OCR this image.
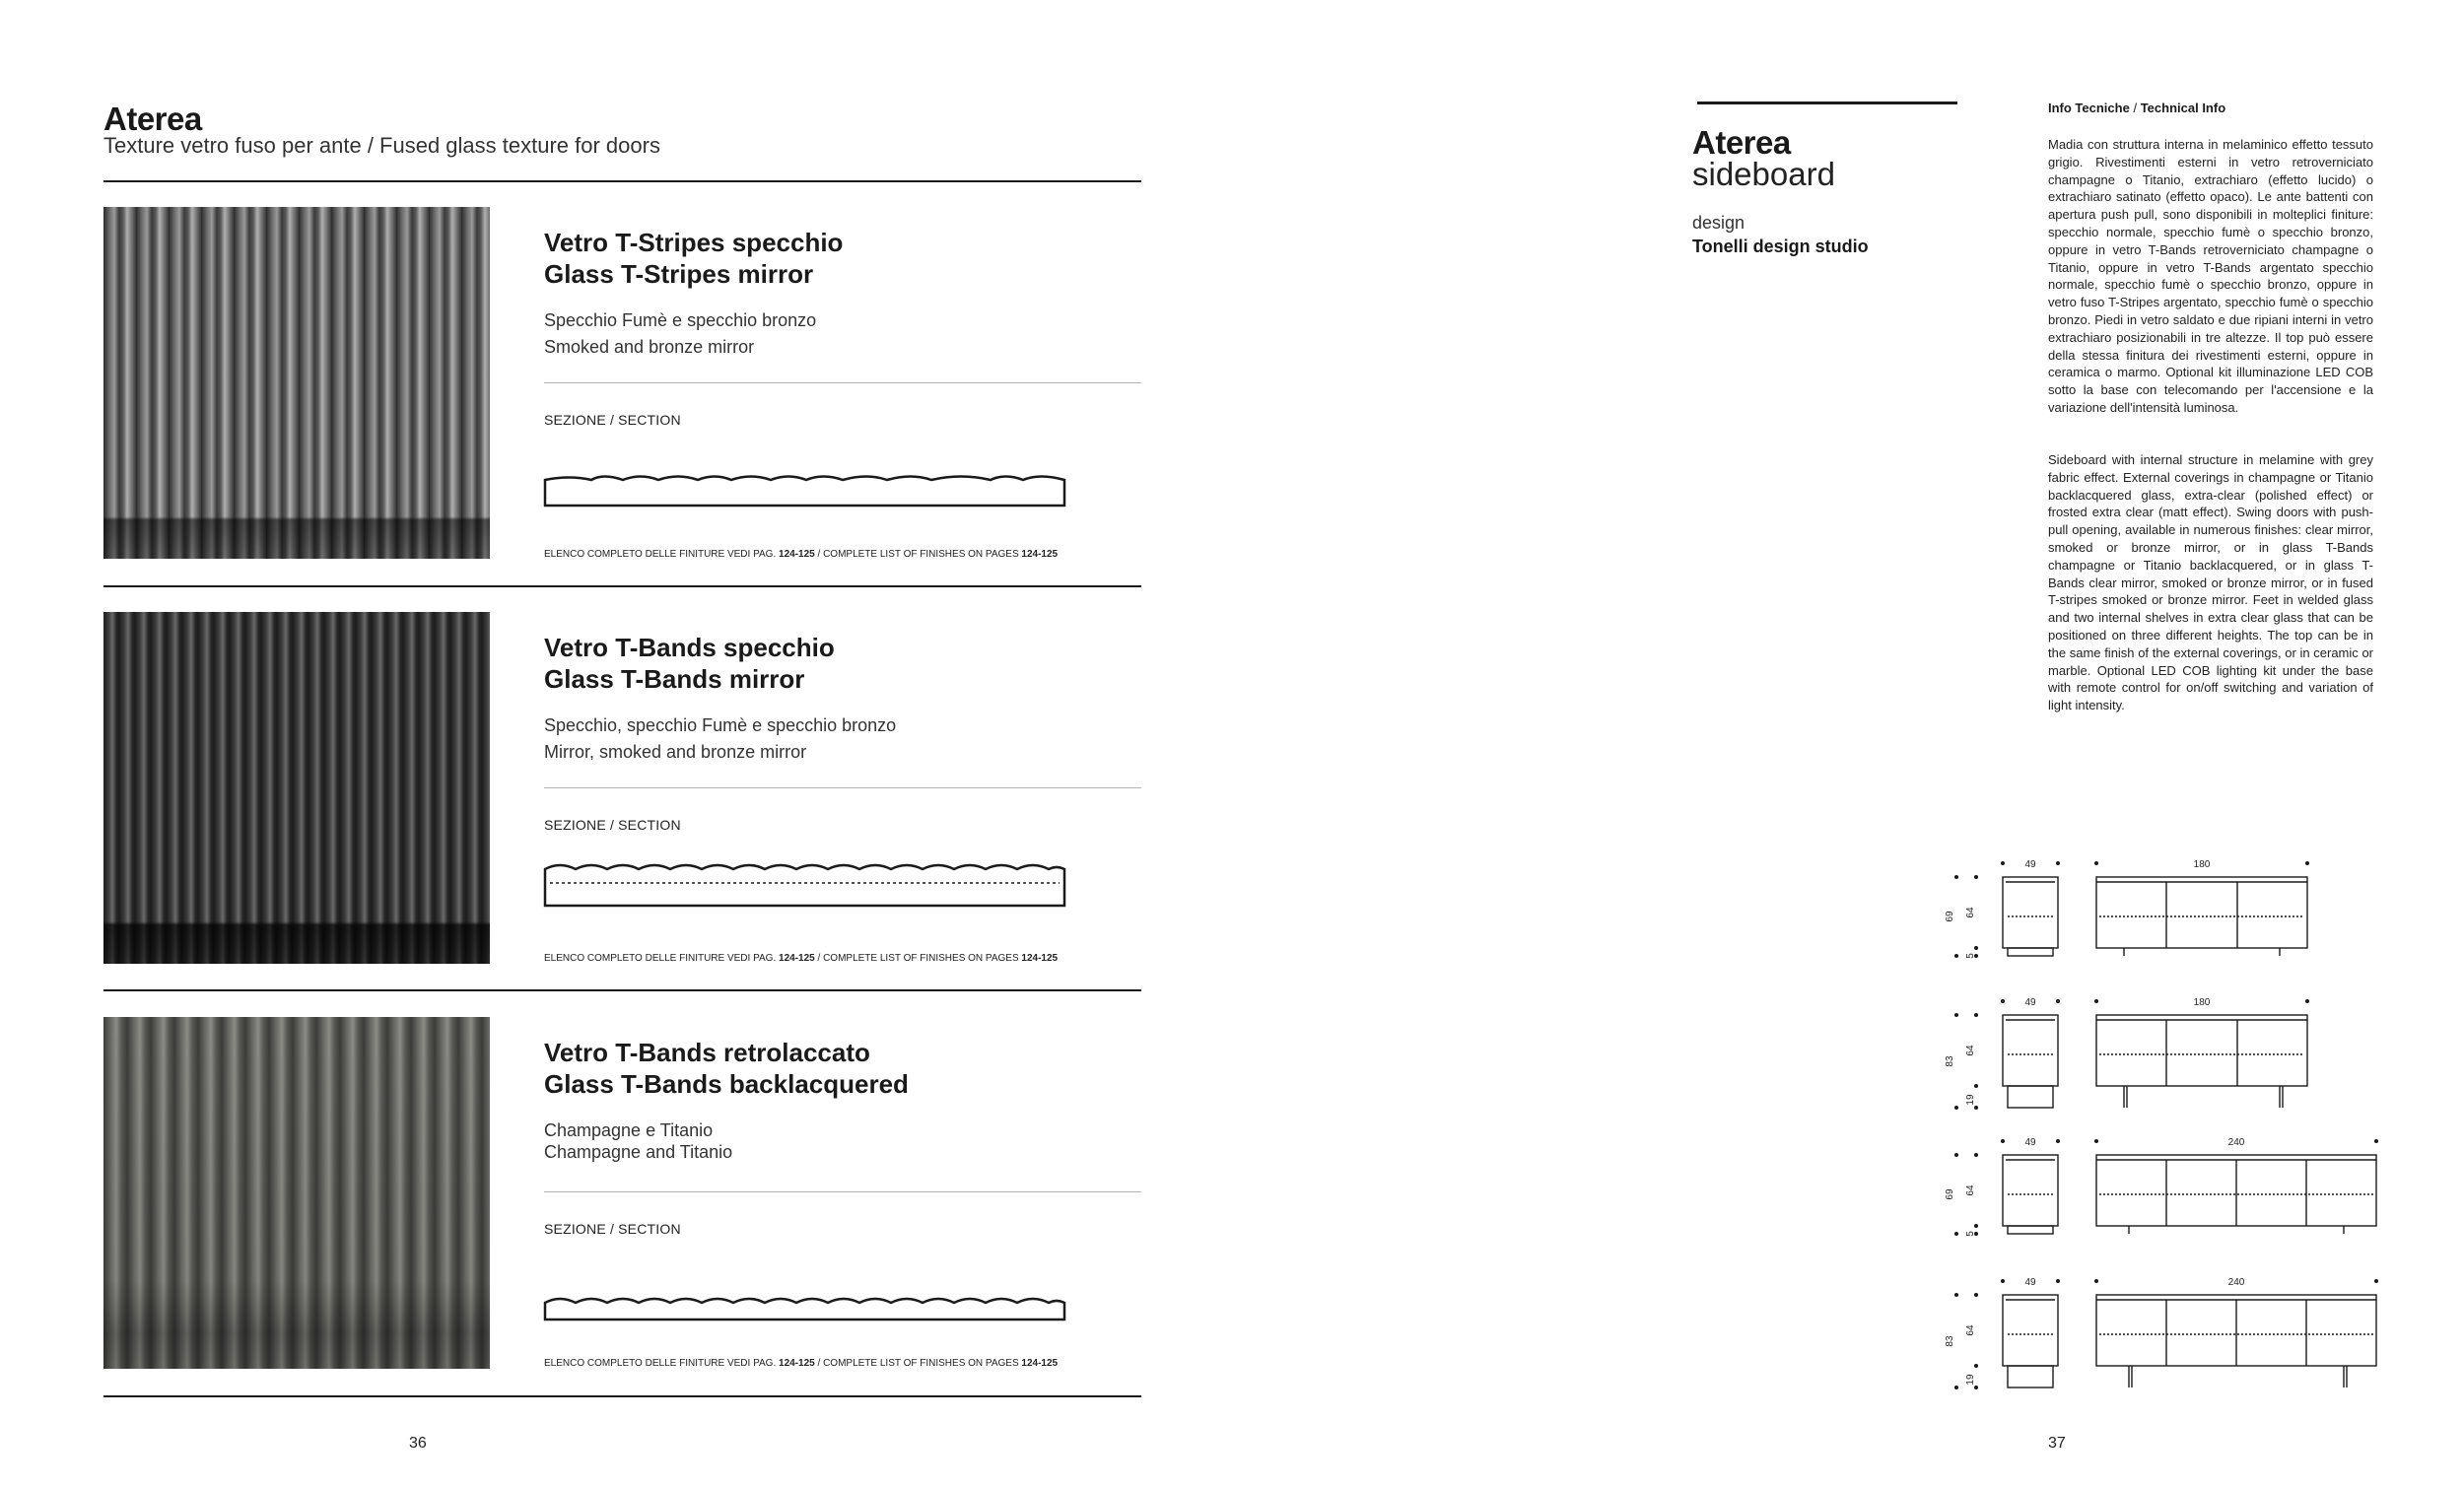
Aterea
Texture vetro fuso per ante / Fused glass texture for doors
Vetro T-Stripes specchio
Glass T-Stripes mirror
Specchio Fumè e specchio bronzo
Smoked and bronze mirror
SEZIONE / SECTION
ELENCO COMPLETO DELLE FINITURE VEDI PAG. 124-125 / COMPLETE LIST OF FINISHES ON PAGES 124-125
Vetro T-Bands specchio
Glass T-Bands mirror
Specchio, specchio Fumè e specchio bronzo
Mirror, smoked and bronze mirror
SEZIONE / SECTION
ELENCO COMPLETO DELLE FINITURE VEDI PAG. 124-125 / COMPLETE LIST OF FINISHES ON PAGES 124-125
Vetro T-Bands retrolaccato
Glass T-Bands backlacquered
Champagne e Titanio
Champagne and Titanio
SEZIONE / SECTION
ELENCO COMPLETO DELLE FINITURE VEDI PAG. 124-125 / COMPLETE LIST OF FINISHES ON PAGES 124-125
36
Aterea
sideboard
design
Tonelli design studio
Info Tecniche / Technical Info
Madia con struttura interna in melaminico effetto tessuto grigio. Rivestimenti esterni in vetro retroverniciato champagne o Titanio, extrachiaro (effetto lucido) o extrachiaro satinato (effetto opaco). Le ante battenti con apertura push pull, sono disponibili in molteplici finiture: specchio normale, specchio fumè o specchio bronzo, oppure in vetro T-Bands retroverniciato champagne o Titanio, oppure in vetro T-Bands argentato specchio normale, specchio fumè o specchio bronzo, oppure in vetro fuso T-Stripes argentato, specchio fumè o specchio bronzo. Piedi in vetro saldato e due ripiani interni in vetro extrachiaro posizionabili in tre altezze. Il top può essere della stessa finitura dei rivestimenti esterni, oppure in ceramica o marmo. Optional kit illuminazione LED COB sotto la base con telecomando per l'accensione e la variazione dell'intensità luminosa.
Sideboard with internal structure in melamine with grey fabric effect. External coverings in champagne or Titanio backlacquered glass, extra-clear (polished effect) or frosted extra clear (matt effect). Swing doors with push-pull opening, available in numerous finishes: clear mirror, smoked or bronze mirror, or in glass T-Bands champagne or Titanio backlacquered, or in glass T-Bands clear mirror, smoked or bronze mirror, or in fused T-stripes smoked or bronze mirror. Feet in welded glass and two internal shelves in extra clear glass that can be positioned on three different heights. The top can be in the same finish of the external coverings, or in ceramic or marble. Optional LED COB lighting kit under the base with remote control for on/off switching and variation of light intensity.
49	180
69 64
5
49	180
83
64
19
49	240
69 64
5
49	240
83
64
19
37
